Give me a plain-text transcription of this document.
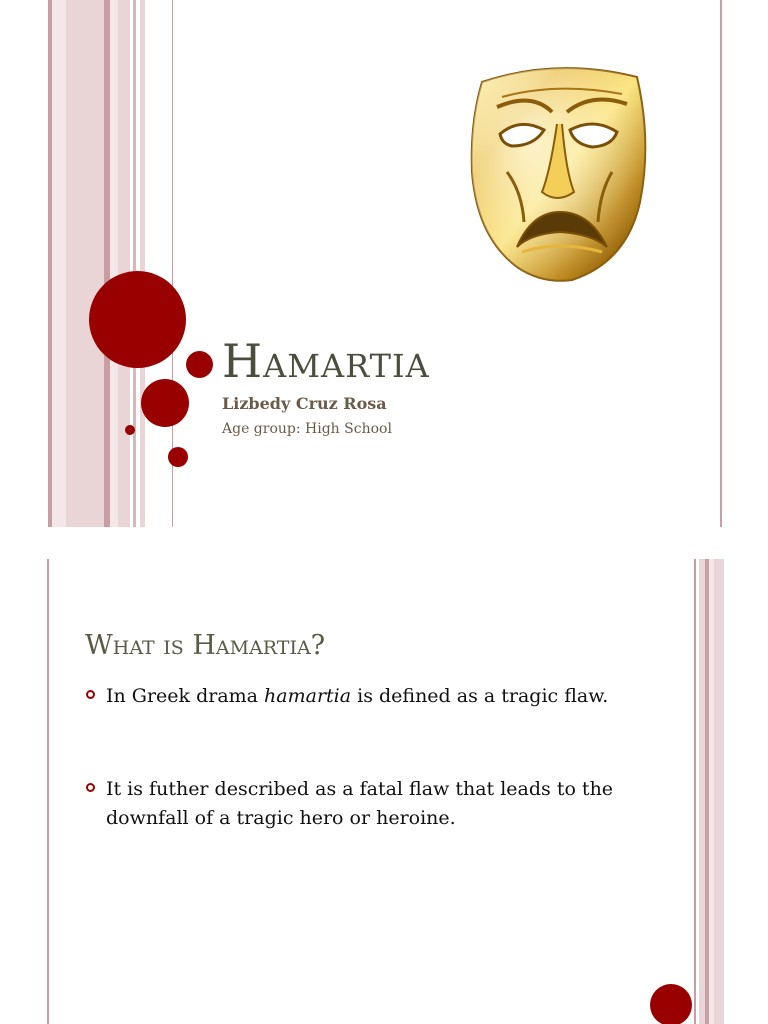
Hamartia

Lizbedy Cruz Rosa

Age group: High School

What is Hamartia?

In Greek drama hamartia is defined as a tragic flaw.

It is futher described as a fatal flaw that leads to the downfall of a tragic hero or heroine.
